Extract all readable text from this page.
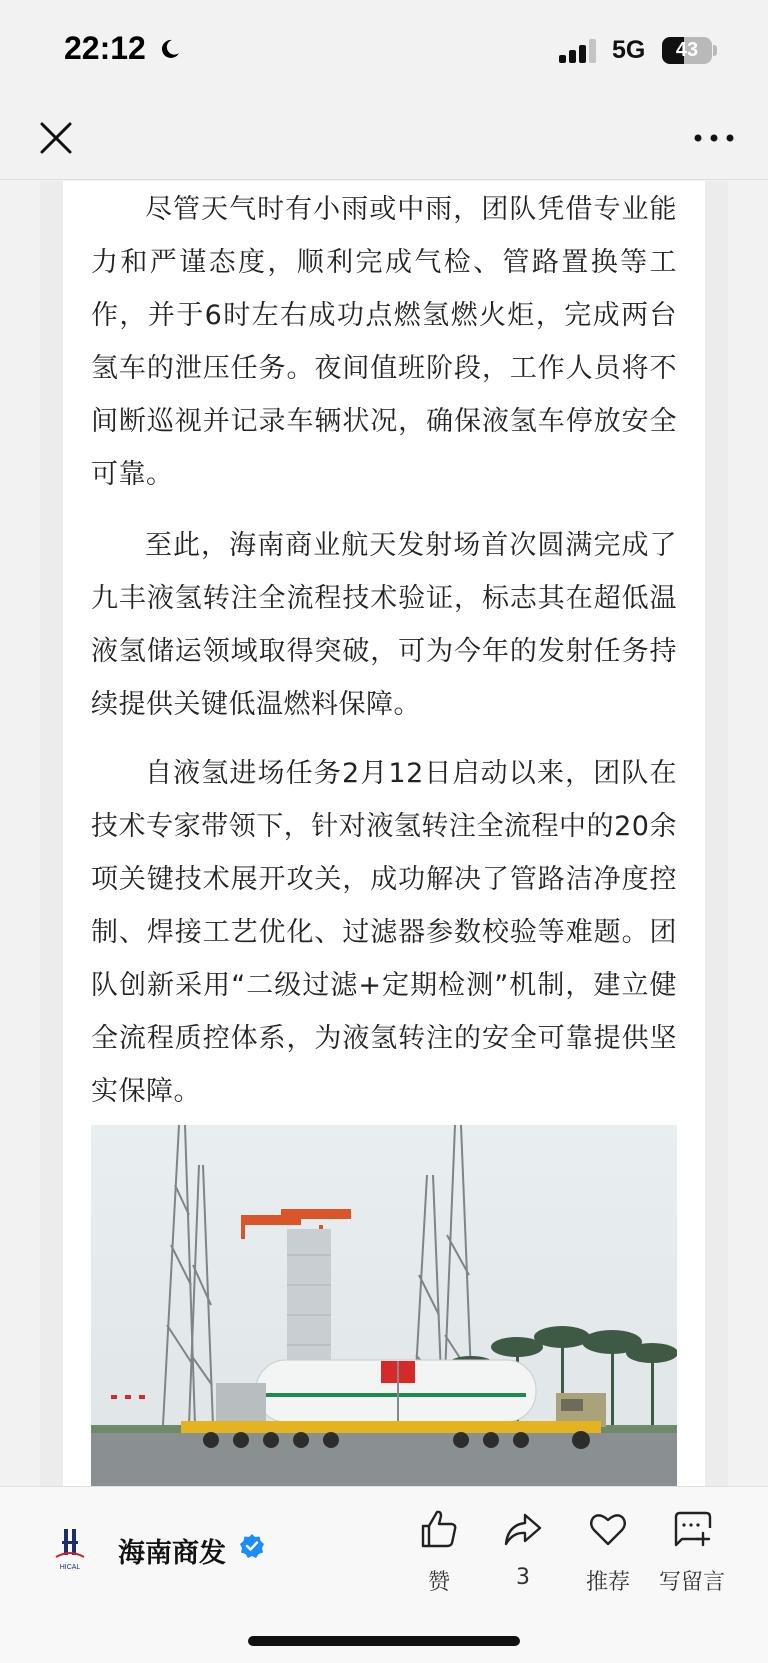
22:12	5G	43

尽管天气时有小雨或中雨，团队凭借专业能力和严谨态度，顺利完成气检、管路置换等工作，并于6时左右成功点燃氢燃火炬，完成两台氢车的泄压任务。夜间值班阶段，工作人员将不间断巡视并记录车辆状况，确保液氢车停放安全可靠。

至此，海南商业航天发射场首次圆满完成了九丰液氢转注全流程技术验证，标志其在超低温液氢储运领域取得突破，可为今年的发射任务持续提供关键低温燃料保障。

自液氢进场任务2月12日启动以来，团队在技术专家带领下，针对液氢转注全流程中的20余项关键技术展开攻关，成功解决了管路洁净度控制、焊接工艺优化、过滤器参数校验等难题。团队创新采用“二级过滤+定期检测”机制，建立健全流程质控体系，为液氢转注的安全可靠提供坚实保障。

HICAL 海南商发
赞	3	推荐	写留言
